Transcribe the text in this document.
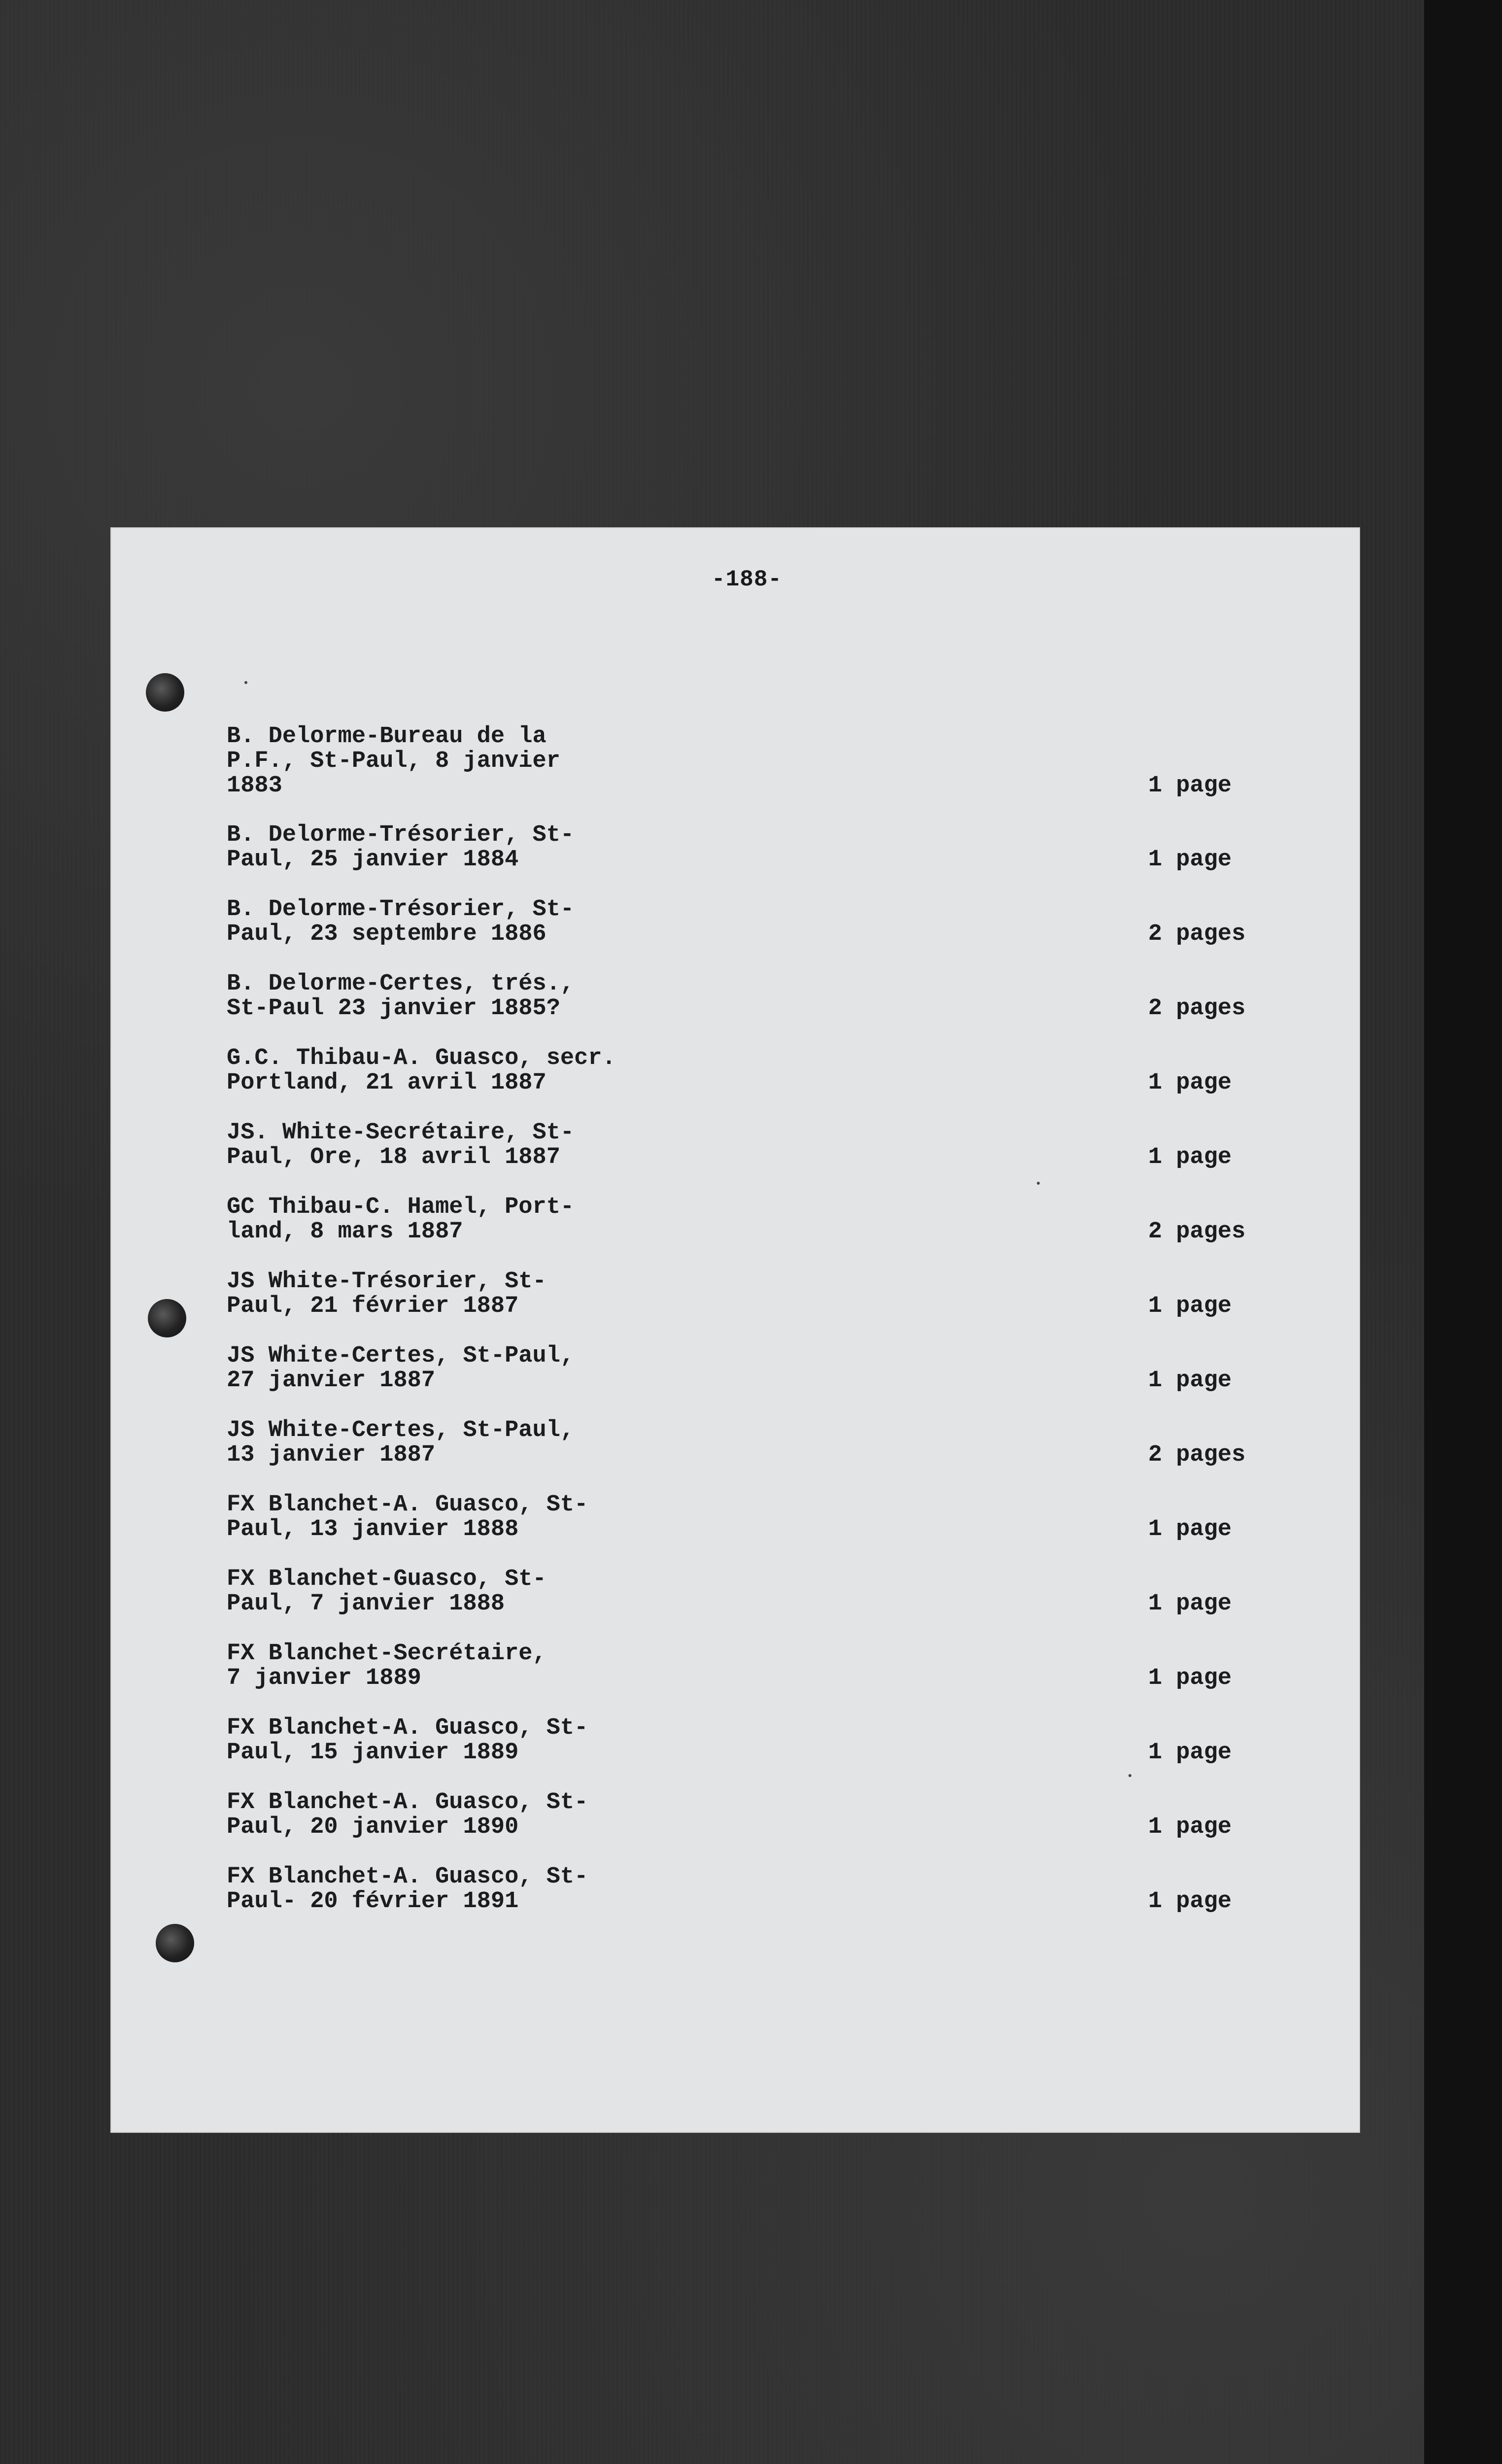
-188-
B. Delorme-Bureau de la
P.F., St-Paul, 8 janvier
1883	1 page
B. Delorme-Trésorier, St-
Paul, 25 janvier 1884	1 page
B. Delorme-Trésorier, St-
Paul, 23 septembre 1886	2 pages
B. Delorme-Certes, trés.,
St-Paul 23 janvier 1885?	2 pages
G.C. Thibau-A. Guasco, secr.
Portland, 21 avril 1887	1 page
JS. White-Secrétaire, St-
Paul, Ore, 18 avril 1887	1 page
GC Thibau-C. Hamel, Port-
land, 8 mars 1887	2 pages
JS White-Trésorier, St-
Paul, 21 février 1887	1 page
JS White-Certes, St-Paul,
27 janvier 1887	1 page
JS White-Certes, St-Paul,
13 janvier 1887	2 pages
FX Blanchet-A. Guasco, St-
Paul, 13 janvier 1888	1 page
FX Blanchet-Guasco, St-
Paul, 7 janvier 1888	1 page
FX Blanchet-Secrétaire,
7 janvier 1889	1 page
FX Blanchet-A. Guasco, St-
Paul, 15 janvier 1889	1 page
FX Blanchet-A. Guasco, St-
Paul, 20 janvier 1890	1 page
FX Blanchet-A. Guasco, St-
Paul- 20 février 1891	1 page
